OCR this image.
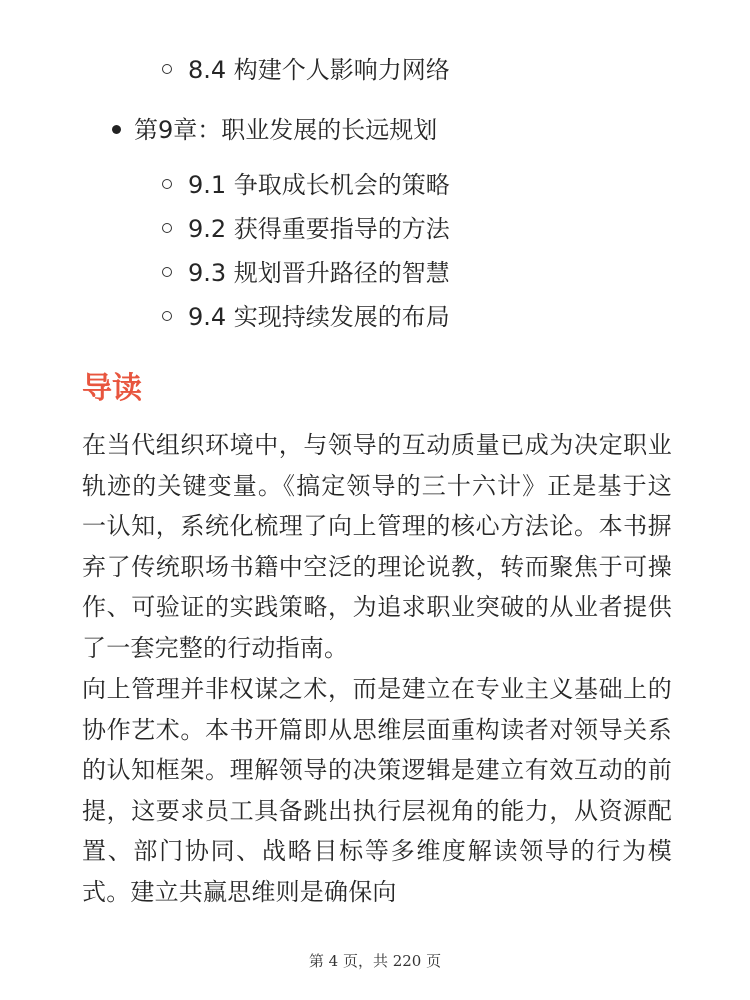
8.4 构建个人影响力网络
第9章：职业发展的长远规划
9.1 争取成长机会的策略
9.2 获得重要指导的方法
9.3 规划晋升路径的智慧
9.4 实现持续发展的布局
导读

在当代组织环境中，与领导的互动质量已成为决定职业轨迹的关键变量。《搞定领导的三十六计》正是基于这一认知，系统化梳理了向上管理的核心方法论。本书摒弃了传统职场书籍中空泛的理论说教，转而聚焦于可操作、可验证的实践策略，为追求职业突破的从业者提供了一套完整的行动指南。

向上管理并非权谋之术，而是建立在专业主义基础上的协作艺术。本书开篇即从思维层面重构读者对领导关系的认知框架。理解领导的决策逻辑是建立有效互动的前提，这要求员工具备跳出执行层视角的能力，从资源配置、部门协同、战略目标等多维度解读领导的行为模式。建立共赢思维则是确保向

第 4 页，共 220 页
